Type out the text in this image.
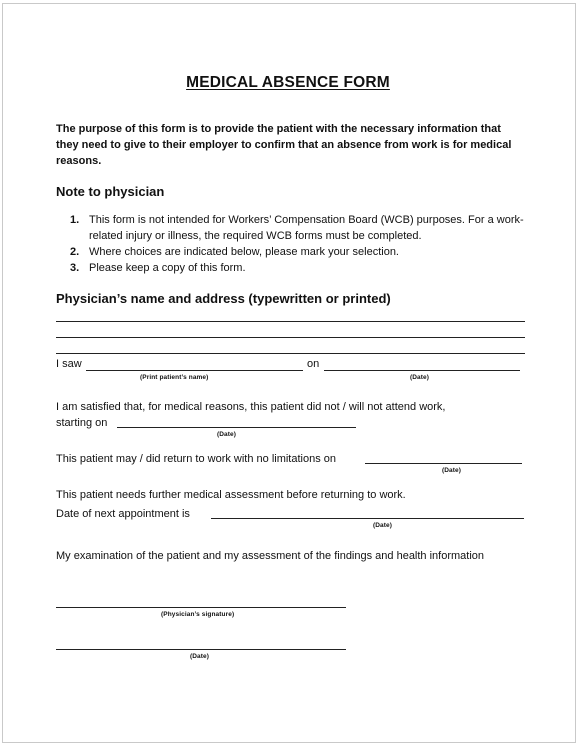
MEDICAL ABSENCE FORM
The purpose of this form is to provide the patient with the necessary information that they need to give to their employer to confirm that an absence from work is for medical reasons.
Note to physician
1. This form is not intended for Workers’ Compensation Board (WCB) purposes. For a work-related injury or illness, the required WCB forms must be completed.
2. Where choices are indicated below, please mark your selection.
3. Please keep a copy of this form.
Physician’s name and address (typewritten or printed)
I saw
(Print patient’s name)
on
(Date)
I am satisfied that, for medical reasons, this patient did not / will not attend work,
starting on
(Date)
This patient may / did return to work with no limitations on
(Date)
This patient needs further medical assessment before returning to work.
Date of next appointment is
(Date)
My examination of the patient and my assessment of the findings and health information
(Physician’s signature)
(Date)
